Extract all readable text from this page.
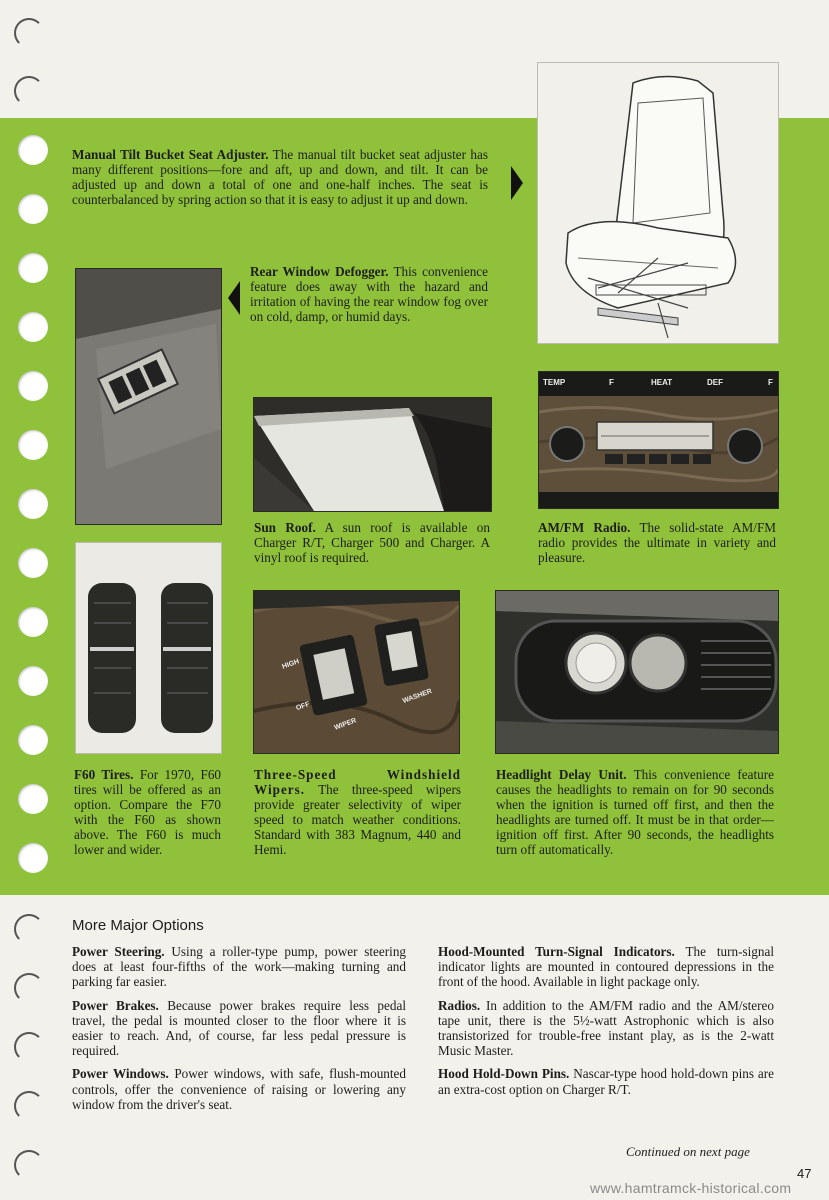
Manual Tilt Bucket Seat Adjuster. The manual tilt bucket seat adjuster has many different positions—fore and aft, up and down, and tilt. It can be adjusted up and down a total of one and one-half inches. The seat is counterbalanced by spring action so that it is easy to adjust it up and down.
Rear Window Defogger. This convenience feature does away with the hazard and irritation of having the rear window fog over on cold, damp, or humid days.
Sun Roof. A sun roof is available on Charger R/T, Charger 500 and Charger. A vinyl roof is required.
TEMP	F	HEAT	DEF	F
AM/FM Radio. The solid-state AM/FM radio provides the ultimate in variety and pleasure.
F60 Tires. For 1970, F60 tires will be offered as an option. Compare the F70 with the F60 as shown above. The F60 is much lower and wider.
HIGH
OFF
WIPER
WASHER
Three-Speed Windshield Wipers. The three-speed wipers provide greater selectivity of wiper speed to match weather conditions. Standard with 383 Magnum, 440 and Hemi.
Headlight Delay Unit. This convenience feature causes the headlights to remain on for 90 seconds when the ignition is turned off first, and then the headlights are turned off. It must be in that order—ignition off first. After 90 seconds, the headlights turn off automatically.
More Major Options

Power Steering. Using a roller-type pump, power steering does at least four-fifths of the work—making turning and parking far easier.

Power Brakes. Because power brakes require less pedal travel, the pedal is mounted closer to the floor where it is easier to reach. And, of course, far less pedal pressure is required.

Power Windows. Power windows, with safe, flush-mounted controls, offer the convenience of raising or lowering any window from the driver's seat.

Hood-Mounted Turn-Signal Indicators. The turn-signal indicator lights are mounted in contoured depressions in the front of the hood. Available in light package only.

Radios. In addition to the AM/FM radio and the AM/stereo tape unit, there is the 5½-watt Astrophonic which is also transistorized for trouble-free instant play, as is the 2-watt Music Master.

Hood Hold-Down Pins. Nascar-type hood hold-down pins are an extra-cost option on Charger R/T.

Continued on next page
47
www.hamtramck-historical.com
